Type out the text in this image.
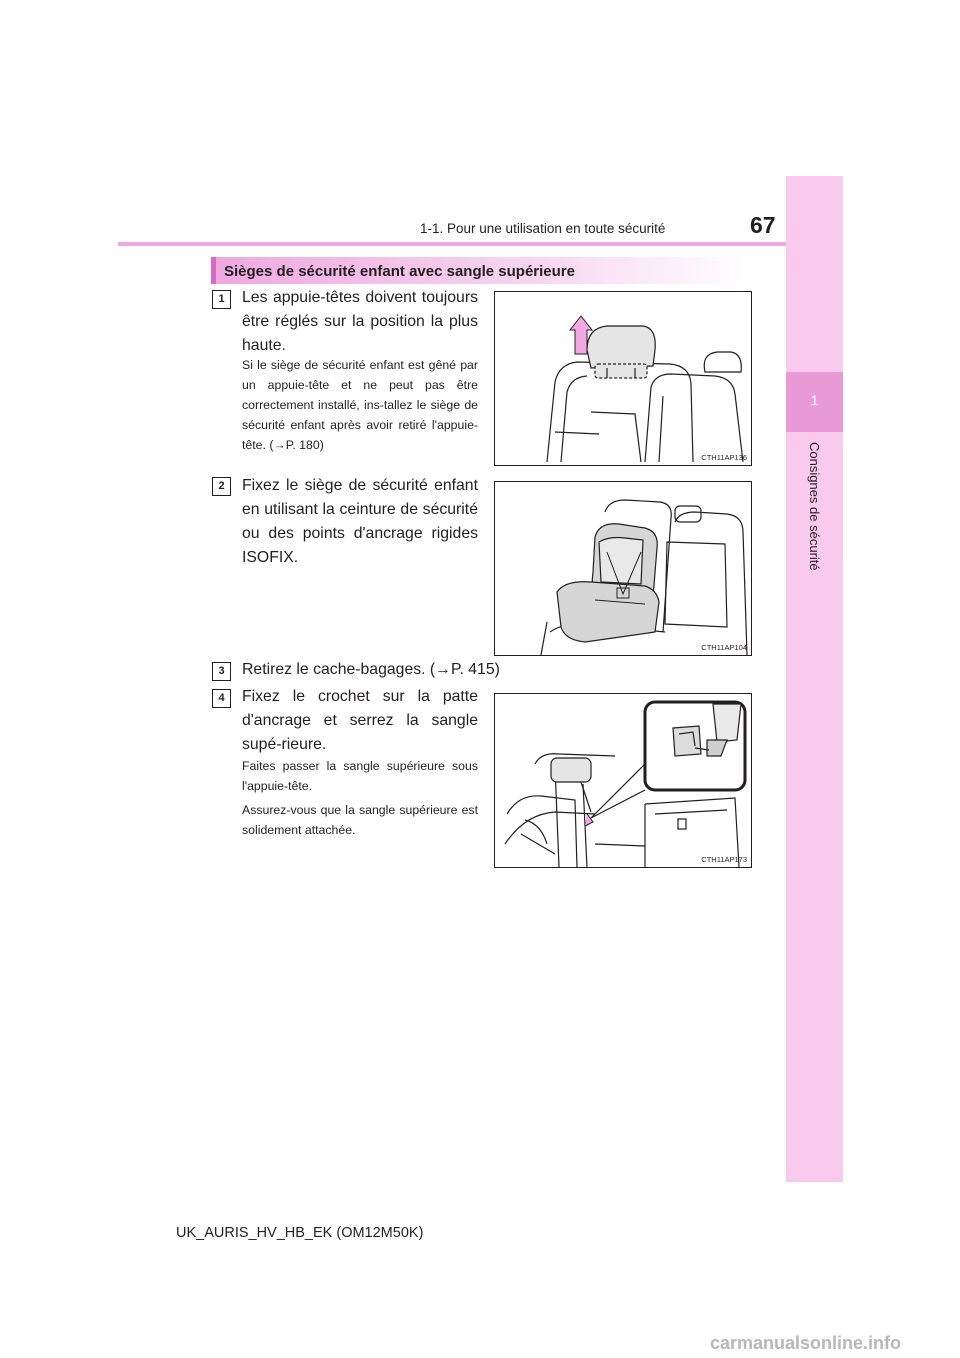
1
Consignes de sécurité
1-1. Pour une utilisation en toute sécurité	67
Sièges de sécurité enfant avec sangle supérieure
1	Les appuie-têtes doivent toujours être réglés sur la position la plus haute.
Si le siège de sécurité enfant est gêné par un appuie-tête et ne peut pas être correctement installé, ins-tallez le siège de sécurité enfant après avoir retiré l'appuie-tête. (→P. 180)
CTH11AP136
2	Fixez le siège de sécurité enfant en utilisant la ceinture de sécurité ou des points d'ancrage rigides ISOFIX.
CTH11AP104
3	Retirez le cache-bagages. (→P. 415)
4	Fixez le crochet sur la patte d'ancrage et serrez la sangle supé-rieure.
Faites passer la sangle supérieure sous l'appuie-tête.
Assurez-vous que la sangle supérieure est solidement attachée.
CTH11AP173
UK_AURIS_HV_HB_EK (OM12M50K)
carmanualsonline.info
